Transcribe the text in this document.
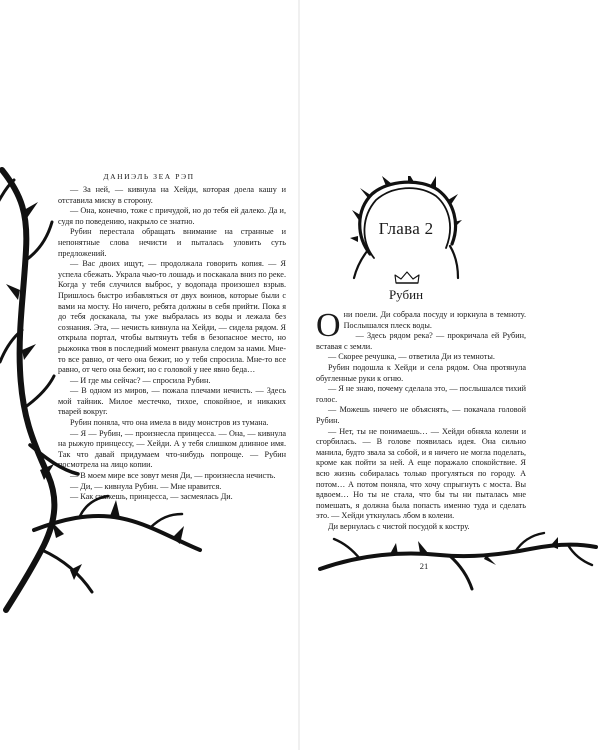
ДАНИЭЛЬ ЗЕА РЭП

— За ней, — кивнула на Хейди, которая доела кашу и отставила миску в сторону.

— Она, конечно, тоже с причудой, но до тебя ей далеко. Да и, судя по поведению, накрыло се знатно.

Рубин перестала обращать внимание на странные и непонятные слова нечисти и пыталась уловить суть предложений.

— Вас двоих ищут, — продолжала говорить копия. — Я успела сбежать. Украла чью-то лошадь и поскакала вниз по реке. Когда у тебя случился выброс, у водопада произошел взрыв. Пришлось быстро избавляться от двух воинов, которые были с вами на мосту. Но ничего, ребята должны в себя прийти. Пока я до тебя доскакала, ты уже выбралась из воды и лежала без сознания. Эта, — нечисть кивнула на Хейди, — сидела рядом. Я открыла портал, чтобы вытянуть тебя в безопасное место, но рыжонка твоя в последний момент рванула следом за нами. Мне-то все равно, от чего она бежит, но у тебя спросила. Мне-то все равно, от чего она бежит, но с головой у нее явно беда…

— И где мы сейчас? — спросила Рубин.

— В одном из миров, — пожала плечами нечисть. — Здесь мой тайник. Милое местечко, тихое, спокойное, и никаких тварей вокруг.

Рубин поняла, что она имела в виду монстров из тумана.

— Я — Рубин, — произнесла принцесса. — Она, — кивнула на рыжую принцессу, — Хейди. А у тебя слишком длинное имя. Так что давай придумаем что-нибудь попроще. — Рубин посмотрела на лицо копии.

— В моем мире все зовут меня Ди, — произнесла нечисть.

— Ди, — кивнула Рубин. — Мне нравится.

— Как скажешь, принцесса, — засмеялась Ди.

Глава 2
Рубин

Они поели. Ди собрала посуду и юркнула в темноту. Послышался плеск воды.

— Здесь рядом река? — прокричала ей Рубин, вставая с земли.

— Скорее речушка, — ответила Ди из темноты.

Рубин подошла к Хейди и села рядом. Она протянула обугленные руки к огню.

— Я не знаю, почему сделала это, — послышался тихий голос.

— Можешь ничего не объяснять, — покачала головой Рубин.

— Нет, ты не понимаешь… — Хейди обняла колени и сгорбилась. — В голове появилась идея. Она сильно манила, будто звала за собой, и я ничего не могла поделать, кроме как пойти за ней. А еще поражало спокойствие. Я всю жизнь собиралась только прогуляться по городу. А потом… А потом поняла, что хочу спрыгнуть с моста. Вы вдвоем… Но ты не стала, что бы ты ни пыталась мне помешать, я должна была попасть именно туда и сделать это. — Хейди уткнулась лбом в колени.

Ди вернулась с чистой посудой к костру.

21
